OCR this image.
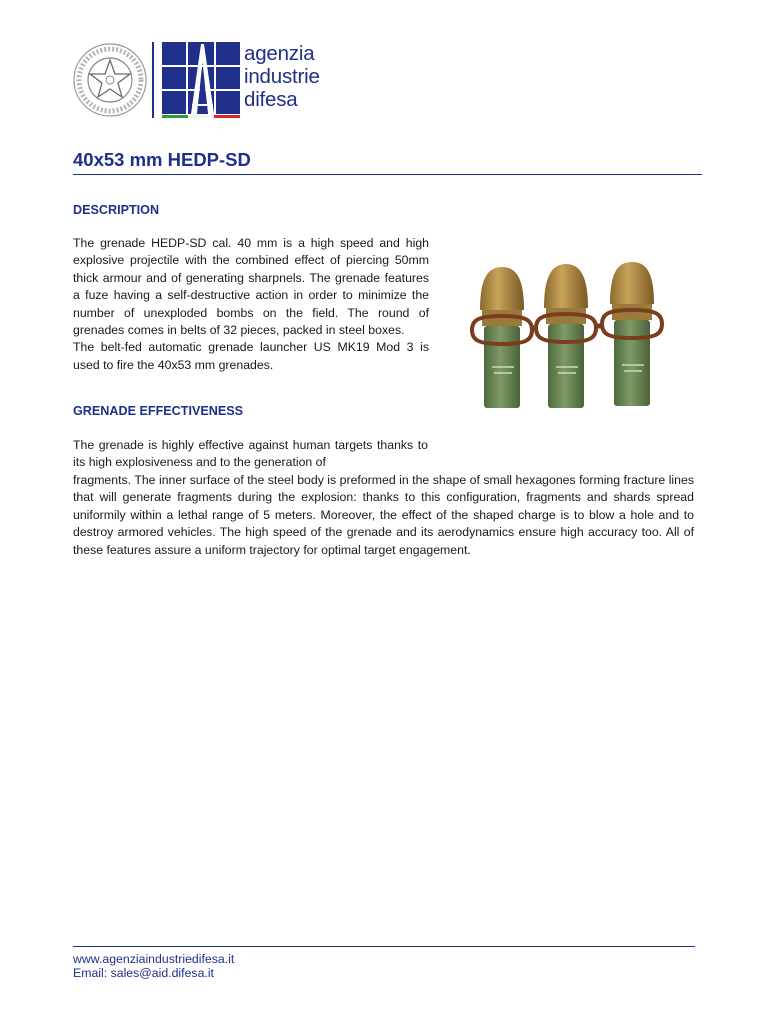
agenzia
industrie
difesa
40x53 mm HEDP-SD
DESCRIPTION

The grenade HEDP-SD cal. 40 mm is a high speed and high explosive projectile with the combined effect of piercing 50mm thick armour and of generating sharpnels. The grenade features a fuze having a self-destructive action in order to minimize the number of unexploded bombs on the field. The round of grenades comes in belts of 32 pieces, packed in steel boxes.

The belt-fed automatic grenade launcher US MK19 Mod 3 is used to fire the 40x53 mm grenades.

GRENADE EFFECTIVENESS

The grenade is highly effective against human targets thanks to its high explosiveness and to the generation of

fragments. The inner surface of the steel body is preformed in the shape of small hexagones forming fracture lines that will generate fragments during the explosion: thanks to this configuration, fragments and shards spread uniformily within a lethal range of 5 meters. Moreover, the effect of the shaped charge is to blow a hole and to destroy armored vehicles. The high speed of the grenade and its aerodynamics ensure high accuracy too. All of these features assure a uniform trajectory for optimal target engagement.

www.agenziaindustriedifesa.it
Email: sales@aid.difesa.it
